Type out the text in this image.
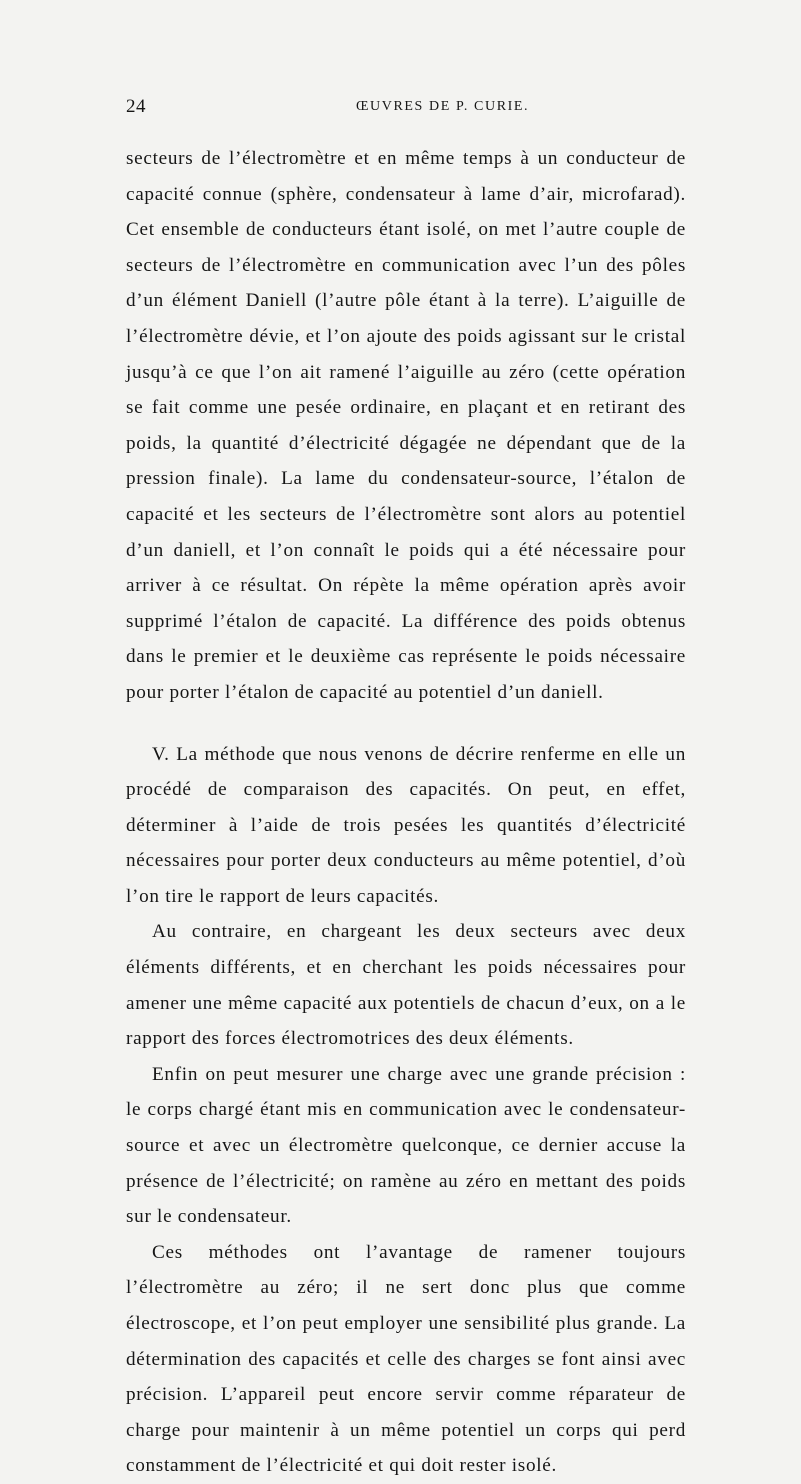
24	ŒUVRES DE P. CURIE.

secteurs de l’électromètre et en même temps à un conducteur de capacité connue (sphère, condensateur à lame d’air, microfarad). Cet ensemble de conducteurs étant isolé, on met l’autre couple de secteurs de l’électromètre en communication avec l’un des pôles d’un élément Daniell (l’autre pôle étant à la terre). L’aiguille de l’électromètre dévie, et l’on ajoute des poids agissant sur le cristal jusqu’à ce que l’on ait ramené l’aiguille au zéro (cette opération se fait comme une pesée ordinaire, en plaçant et en retirant des poids, la quantité d’électricité dégagée ne dépendant que de la pression finale). La lame du condensateur-source, l’étalon de capacité et les secteurs de l’électromètre sont alors au potentiel d’un daniell, et l’on connaît le poids qui a été nécessaire pour arriver à ce résultat. On répète la même opération après avoir supprimé l’étalon de capacité. La différence des poids obtenus dans le premier et le deuxième cas représente le poids nécessaire pour porter l’étalon de capacité au potentiel d’un daniell.

V. La méthode que nous venons de décrire renferme en elle un procédé de comparaison des capacités. On peut, en effet, déterminer à l’aide de trois pesées les quantités d’électricité nécessaires pour porter deux conducteurs au même potentiel, d’où l’on tire le rapport de leurs capacités.

Au contraire, en chargeant les deux secteurs avec deux éléments différents, et en cherchant les poids nécessaires pour amener une même capacité aux potentiels de chacun d’eux, on a le rapport des forces électromotrices des deux éléments.

Enfin on peut mesurer une charge avec une grande précision : le corps chargé étant mis en communication avec le condensateur-source et avec un électromètre quelconque, ce dernier accuse la présence de l’électricité; on ramène au zéro en mettant des poids sur le condensateur.

Ces méthodes ont l’avantage de ramener toujours l’électromètre au zéro; il ne sert donc plus que comme électroscope, et l’on peut employer une sensibilité plus grande. La détermination des capacités et celle des charges se font ainsi avec précision. L’appareil peut encore servir comme réparateur de charge pour maintenir à un même potentiel un corps qui perd constamment de l’électricité et qui doit rester isolé.
